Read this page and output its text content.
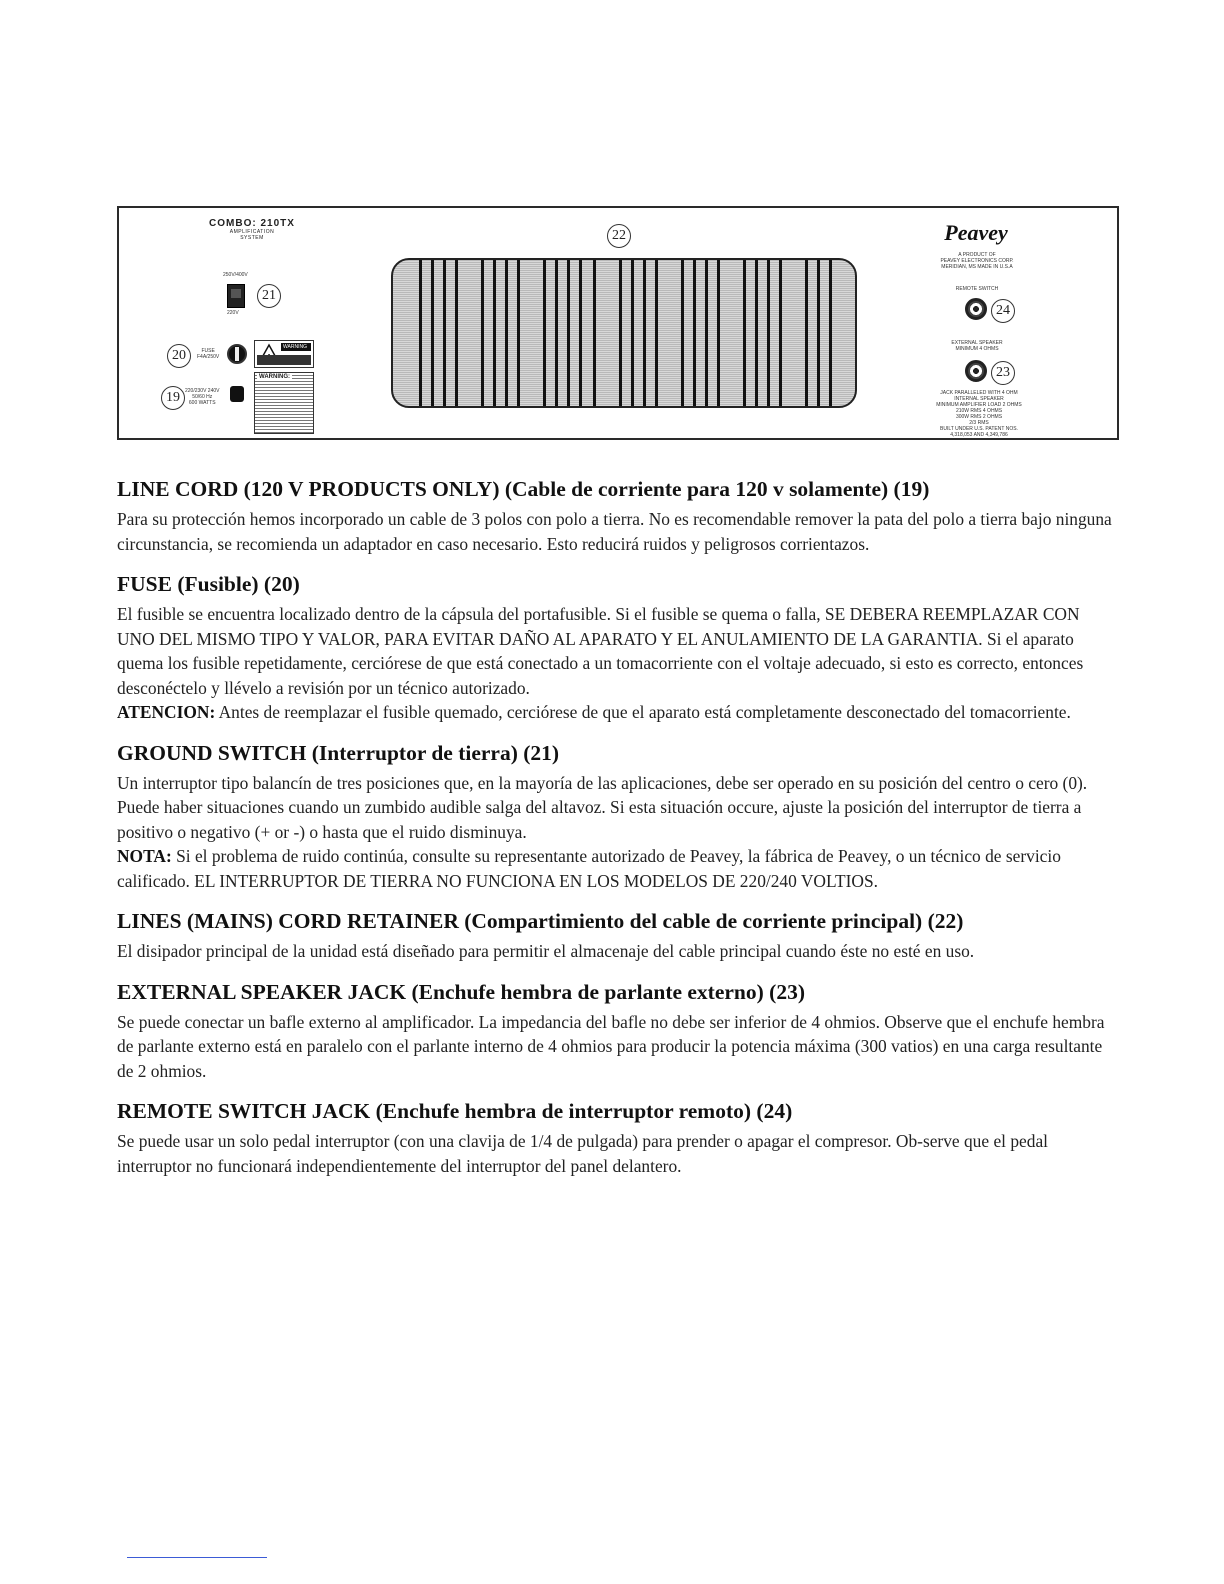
COMBO: 210TX
AMPLIFICATION
SYSTEM
250V/400V
220V
21
20	FUSE
F4A/250V
WARNING
19	220/230V 240V
50/60 Hz
600 WATTS
WARNING:
22	Peavey
A PRODUCT OF
PEAVEY ELECTRONICS CORP.
MERIDIAN, MS MADE IN U.S.A
REMOTE SWITCH
24
EXTERNAL SPEAKER
MINIMUM 4 OHMS
23
JACK PARALLELED WITH 4 OHM
INTERNAL SPEAKER
MINIMUM AMPLIFIER LOAD 2 OHMS
210W RMS 4 OHMS
300W RMS 2 OHMS
2/3 RMS
BUILT UNDER U.S. PATENT NOS.
4,318,053 AND 4,349,786
LINE CORD (120 V PRODUCTS ONLY) (Cable de corriente para 120 v solamente) (19)

Para su protección hemos incorporado un cable de 3 polos con polo a tierra. No es recomendable remover la pata del polo a tierra bajo ninguna circunstancia, se recomienda un adaptador en caso necesario. Esto reducirá ruidos y peligrosos corrientazos.

FUSE (Fusible) (20)

El fusible se encuentra localizado dentro de la cápsula del portafusible. Si el fusible se quema o falla, SE DEBERA REEMPLAZAR CON UNO DEL MISMO TIPO Y VALOR, PARA EVITAR DAÑO AL APARATO Y EL ANULAMIENTO DE LA GARANTIA. Si el aparato quema los fusible repetidamente, cerciórese de que está conectado a un tomacorriente con el voltaje adecuado, si esto es correcto, entonces desconéctelo y llévelo a revisión por un técnico autorizado.

ATENCION: Antes de reemplazar el fusible quemado, cerciórese de que el aparato está completamente desconectado del tomacorriente.

GROUND SWITCH (Interruptor de tierra) (21)

Un interruptor tipo balancín de tres posiciones que, en la mayoría de las aplicaciones, debe ser operado en su posición del centro o cero (0). Puede haber situaciones cuando un zumbido audible salga del altavoz. Si esta situación occure, ajuste la posición del interruptor de tierra a positivo o negativo (+ or -) o hasta que el ruido disminuya.

NOTA: Si el problema de ruido continúa, consulte su representante autorizado de Peavey, la fábrica de Peavey, o un técnico de servicio calificado. EL INTERRUPTOR DE TIERRA NO FUNCIONA EN LOS MODELOS DE 220/240 VOLTIOS.

LINES (MAINS) CORD RETAINER (Compartimiento del cable de corriente principal) (22)

El disipador principal de la unidad está diseñado para permitir el almacenaje del cable principal cuando éste no esté en uso.

EXTERNAL SPEAKER JACK (Enchufe hembra de parlante externo) (23)

Se puede conectar un bafle externo al amplificador. La impedancia del bafle no debe ser inferior de 4 ohmios. Observe que el enchufe hembra de parlante externo está en paralelo con el parlante interno de 4 ohmios para producir la potencia máxima (300 vatios) en una carga resultante de 2 ohmios.

REMOTE SWITCH JACK (Enchufe hembra de interruptor remoto) (24)

Se puede usar un solo pedal interruptor (con una clavija de 1/4 de pulgada) para prender o apagar el compresor. Ob-serve que el pedal interruptor no funcionará independientemente del interruptor del panel delantero.
